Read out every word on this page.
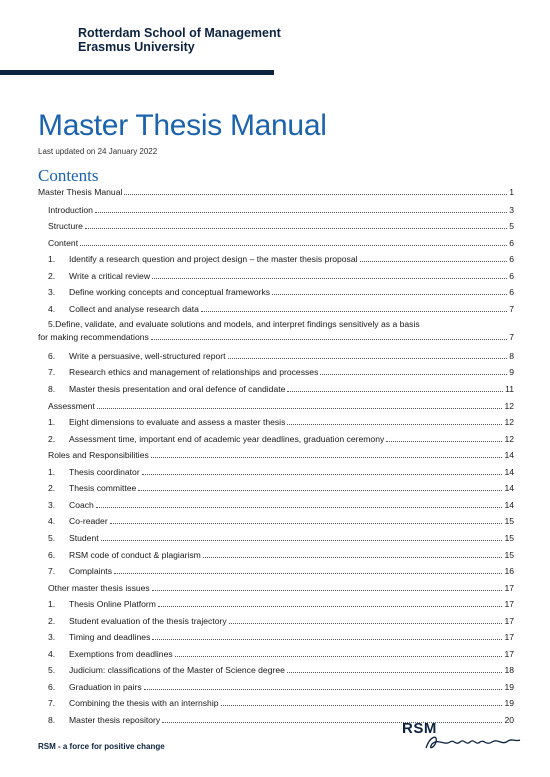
Rotterdam School of Management
Erasmus University
Master Thesis Manual
Last updated on 24 January 2022
Contents
Master Thesis Manual	1
Introduction	3
Structure	5
Content	6
1. Identify a research question and project design – the master thesis proposal	6
2. Write a critical review	6
3. Define working concepts and conceptual frameworks	6
4. Collect and analyse research data	7
5.Define, validate, and evaluate solutions and models, and interpret findings sensitively as a basis
for making recommendations	7
6. Write a persuasive, well-structured report	8
7. Research ethics and management of relationships and processes	9
8. Master thesis presentation and oral defence of candidate	11
Assessment	12
1. Eight dimensions to evaluate and assess a master thesis	12
2. Assessment time, important end of academic year deadlines, graduation ceremony	12
Roles and Responsibilities	14
1. Thesis coordinator	14
2. Thesis committee	14
3. Coach	14
4. Co-reader	15
5. Student	15
6. RSM code of conduct & plagiarism	15
7. Complaints	16
Other master thesis issues	17
1. Thesis Online Platform	17
2. Student evaluation of the thesis trajectory	17
3. Timing and deadlines	17
4. Exemptions from deadlines	17
5. Judicium: classifications of the Master of Science degree	18
6. Graduation in pairs	19
7. Combining the thesis with an internship	19
8. Master thesis repository	20
RSM - a force for positive change
RSM
